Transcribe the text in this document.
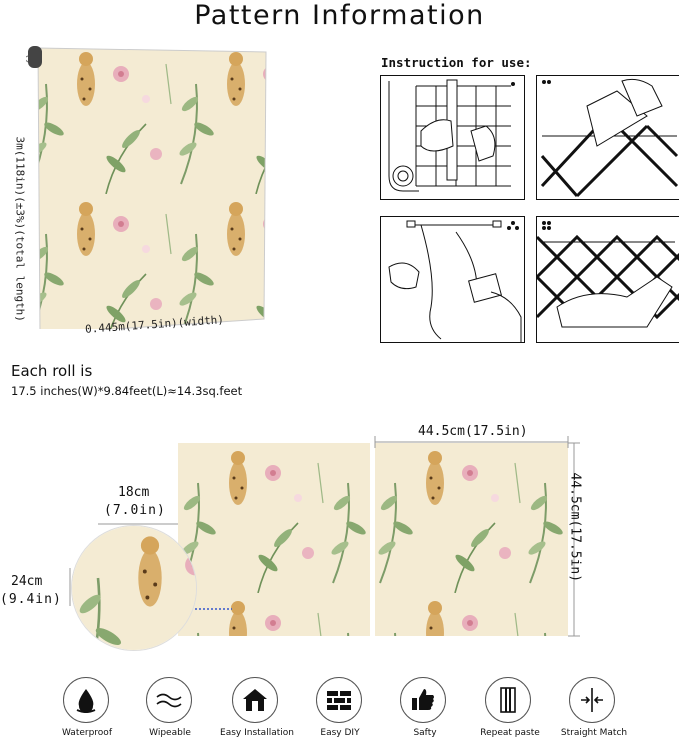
Pattern Information
3m(118in)(±3%)(total length)
0.445m(17.5in)(width)
Instruction for use:
Each roll is
17.5 inches(W)*9.84feet(L)≈14.3sq.feet
44.5cm(17.5in)
44.5cm(17.5in)
18cm
(7.0in)
24cm
(9.4in)
Waterproof	Wipeable	Easy Installation	Easy DIY	Safty	Repeat paste	Straight Match
